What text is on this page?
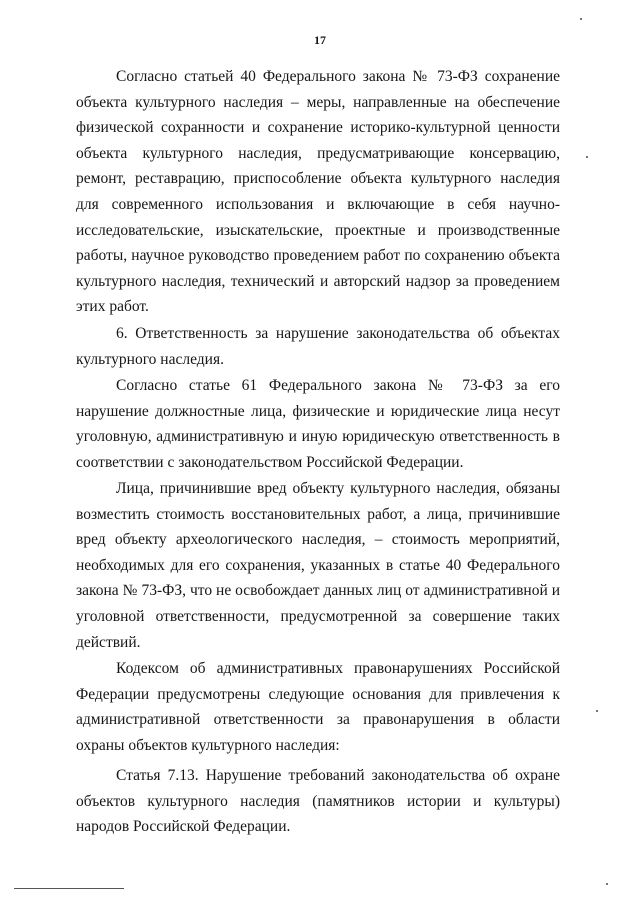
17

Согласно статьей 40 Федерального закона № 73-ФЗ сохранение объекта культурного наследия – меры, направленные на обеспечение физической сохранности и сохранение историко-культурной ценности объекта культурного наследия, предусматривающие консервацию, ремонт, реставрацию, приспособление объекта культурного наследия для современного использования и включающие в себя научно-исследовательские, изыскательские, проектные и производственные работы, научное руководство проведением работ по сохранению объекта культурного наследия, технический и авторский надзор за проведением этих работ.

6. Ответственность за нарушение законодательства об объектах культурного наследия.

Согласно статье 61 Федерального закона № 73-ФЗ за его нарушение должностные лица, физические и юридические лица несут уголовную, административную и иную юридическую ответственность в соответствии с законодательством Российской Федерации.

Лица, причинившие вред объекту культурного наследия, обязаны возместить стоимость восстановительных работ, а лица, причинившие вред объекту археологического наследия, – стоимость мероприятий, необходимых для его сохранения, указанных в статье 40 Федерального закона № 73-ФЗ, что не освобождает данных лиц от административной и уголовной ответственности, предусмотренной за совершение таких действий.

Кодексом об административных правонарушениях Российской Федерации предусмотрены следующие основания для привлечения к административной ответственности за правонарушения в области охраны объектов культурного наследия:

Статья 7.13. Нарушение требований законодательства об охране объектов культурного наследия (памятников истории и культуры) народов Российской Федерации.
